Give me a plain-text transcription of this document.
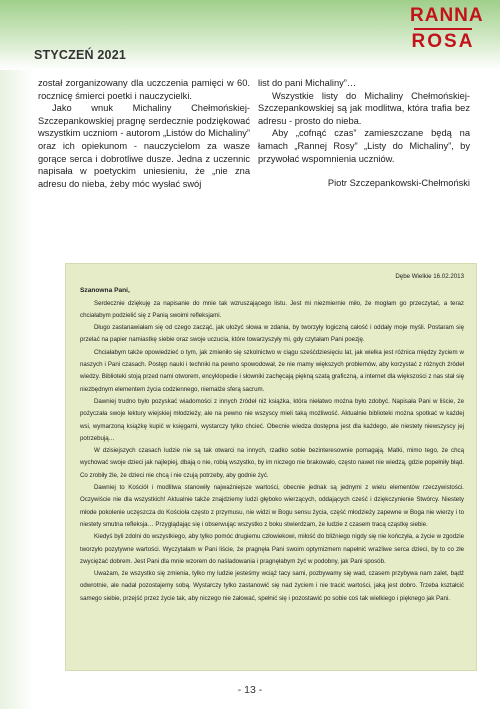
STYCZEŃ 2021
RANNA
ROSA

został zorganizowany dla uczczenia pamięci w 60. rocznicę śmierci poetki i nauczycielki.

Jako wnuk Michaliny Chełmońskiej-Szczepankowskiej pragnę serdecznie podziękować wszystkim uczniom - autorom „Listów do Michaliny” oraz ich opiekunom - nauczycielom za wasze gorące serca i dobrotliwe dusze. Jedna z uczennic napisała w poetyckim uniesieniu, że „nie zna adresu do nieba, żeby móc wysłać swój

list do pani Michaliny”…

Wszystkie listy do Michaliny Chełmońskiej-Szczepankowskiej są jak modlitwa, która trafia bez adresu - prosto do nieba.

Aby „cofnąć czas” zamieszczane będą na łamach „Rannej Rosy” „Listy do Michaliny”, by przywołać wspomnienia uczniów.

Piotr Szczepankowski-Chełmoński

Dębe Wielkie 16.02.2013

Szanowna Pani,

Serdecznie dziękuję za napisanie do mnie tak wzruszającego listu. Jest mi niezmiernie miło, że mogłam go przeczytać, a teraz chciałabym podzielić się z Panią swoimi refleksjami.

Długo zastanawiałam się od czego zacząć, jak ułożyć słowa w zdania, by tworzyły logiczną całość i oddały moje myśli. Postaram się przelać na papier namiastkę siebie oraz swoje uczucia, które towarzyszyły mi, gdy czytałam Pani poezję.

Chciałabym także opowiedzieć o tym, jak zmieniło się szkolnictwo w ciągu sześćdziesięciu lat, jak wielka jest różnica między życiem w naszych i Pani czasach. Postęp nauki i techniki na pewno spowodował, że nie mamy większych problemów, aby korzystać z różnych źródeł wiedzy. Biblioteki stoją przed nami otworem, encyklopedie i słowniki zachęcają piękną szatą graficzną, a internet dla większości z nas stał się niezbędnym elementem życia codziennego, niemalże sferą sacrum.

Dawniej trudno było pozyskać wiadomości z innych źródeł niż książka, która niełatwo można było zdobyć. Napisała Pani w liście, że pożyczała swoje lektury wiejskiej młodzieży, ale na pewno nie wszyscy mieli taką możliwość. Aktualnie biblioteki można spotkać w każdej wsi, wymarzoną książkę kupić w księgarni, wystarczy tylko chcieć. Obecnie wiedza dostępna jest dla każdego, ale niestety niewszyscy jej potrzebują…

W dzisiejszych czasach ludzie nie są tak otwarci na innych, rzadko sobie bezinteresownie pomagają. Matki, mimo tego, że chcą wychować swoje dzieci jak najlepiej, dbają o nie, robią wszystko, by im niczego nie brakowało, często nawet nie wiedzą, gdzie popełniły błąd. Co zrobiły źle, że dzieci nie chcą i nie czują potrzeby, aby godnie żyć.

Dawniej to Kościół i modlitwa stanowiły najważniejsze wartości, obecnie jednak są jednymi z wielu elementów rzeczywistości. Oczywiście nie dla wszystkich! Aktualnie także znajdziemy ludzi głęboko wierzących, oddających cześć i dziękczynienie Stwórcy. Niestety młode pokolenie uczęszcza do Kościoła często z przymusu, nie widzi w Bogu sensu życia, część młodzieży zapewne w Boga nie wierzy i to niestety smutna refleksja… Przyglądając się i obserwując wszystko z boku stwierdzam, że ludzie z czasem tracą cząstkę siebie.

Kiedyś byli zdolni do wszystkiego, aby tylko pomóc drugiemu człowiekowi, miłość do bliźniego nigdy się nie kończyła, a życie w zgodzie tworzyło pozytywne wartości. Wyczytałam w Pani liście, że pragnęła Pani swoim optymizmem napełnić wrażliwe serca dzieci, by to co złe zwyciężać dobrem. Jest Pani dla mnie wzorem do naśladowania i pragnęłabym żyć w podobny, jak Pani sposób.

Uważam, że wszystko się zmienia, tylko my ludzie jesteśmy wciąż tacy sami, pozbywamy się wad, czasem przybywa nam zalet, bądź odwrotnie, ale nadal pozostajemy sobą. Wystarczy tylko zastanowić się nad życiem i nie tracić wartości, jaką jest dobro. Trzeba kształcić samego siebie, przejść przez życie tak, aby niczego nie żałować, spełnić się i pozostawić po sobie coś tak wielkiego i pięknego jak Pani.

- 13 -
